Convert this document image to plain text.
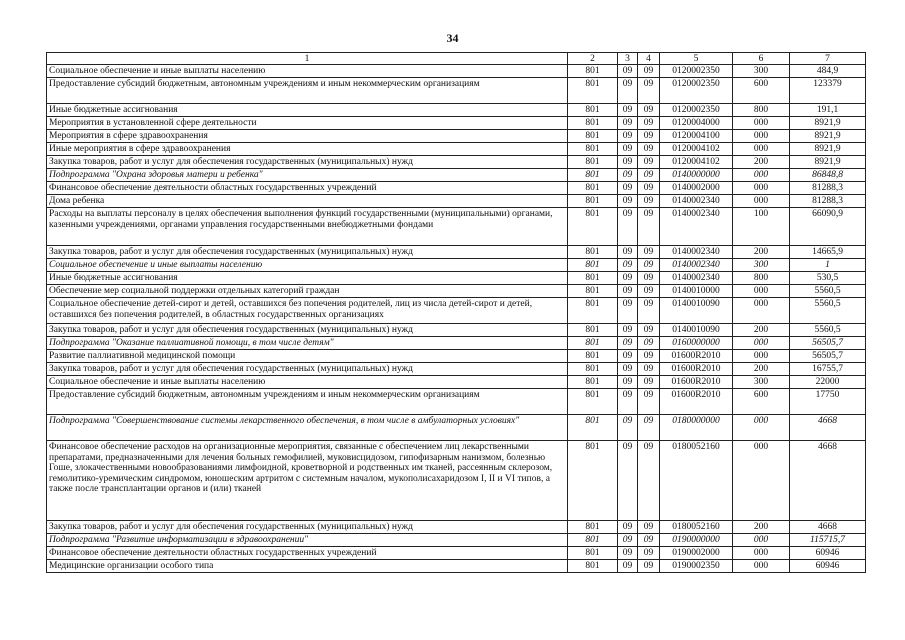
34
1	2	3	4	5	6	7
Социальное обеспечение и иные выплаты населению	801	09	09	0120002350	300	484,9
Предоставление субсидий бюджетным, автономным учреждениям и иным некоммерческим организациям	801	09	09	0120002350	600	123379
Иные бюджетные ассигнования	801	09	09	0120002350	800	191,1
Мероприятия в установленной сфере деятельности	801	09	09	0120004000	000	8921,9
Мероприятия в сфере здравоохранения	801	09	09	0120004100	000	8921,9
Иные мероприятия в сфере здравоохранения	801	09	09	0120004102	000	8921,9
Закупка товаров, работ и услуг для обеспечения государственных (муниципальных) нужд	801	09	09	0120004102	200	8921,9
Подпрограмма "Охрана здоровья матери и ребенка"	801	09	09	0140000000	000	86848,8
Финансовое обеспечение деятельности областных государственных учреждений	801	09	09	0140002000	000	81288,3
Дома ребенка	801	09	09	0140002340	000	81288,3
Расходы на выплаты персоналу в целях обеспечения выполнения функций государственными (муниципальными) органами, казенными учреждениями, органами управления государственными внебюджетными фондами	801	09	09	0140002340	100	66090,9
Закупка товаров, работ и услуг для обеспечения государственных (муниципальных) нужд	801	09	09	0140002340	200	14665,9
Социальное обеспечение и иные выплаты населению	801	09	09	0140002340	300	1
Иные бюджетные ассигнования	801	09	09	0140002340	800	530,5
Обеспечение мер социальной поддержки отдельных категорий граждан	801	09	09	0140010000	000	5560,5
Социальное обеспечение детей-сирот и детей, оставшихся без попечения родителей, лиц из числа детей-сирот и детей, оставшихся без попечения родителей, в областных государственных организациях	801	09	09	0140010090	000	5560,5
Закупка товаров, работ и услуг для обеспечения государственных (муниципальных) нужд	801	09	09	0140010090	200	5560,5
Подпрограмма "Оказание паллиативной помощи, в том числе детям"	801	09	09	0160000000	000	56505,7
Развитие паллиативной медицинской помощи	801	09	09	01600R2010	000	56505,7
Закупка товаров, работ и услуг для обеспечения государственных (муниципальных) нужд	801	09	09	01600R2010	200	16755,7
Социальное обеспечение и иные выплаты населению	801	09	09	01600R2010	300	22000
Предоставление субсидий бюджетным, автономным учреждениям и иным некоммерческим организациям	801	09	09	01600R2010	600	17750
Подпрограмма "Совершенствование системы лекарственного обеспечения, в том числе в амбулаторных условиях"	801	09	09	0180000000	000	4668
Финансовое обеспечение расходов на организационные мероприятия, связанные с обеспечением лиц лекарственными препаратами, предназначенными для лечения больных гемофилией, муковисцидозом, гипофизарным нанизмом, болезнью Гоше, злокачественными новообразованиями лимфоидной, кроветворной и родственных им тканей, рассеянным склерозом, гемолитико-уремическим синдромом, юношеским артритом с системным началом, мукополисахаридозом I, II и VI типов, а также после трансплантации органов и (или) тканей	801	09	09	0180052160	000	4668
Закупка товаров, работ и услуг для обеспечения государственных (муниципальных) нужд	801	09	09	0180052160	200	4668
Подпрограмма "Развитие информатизации в здравоохранении"	801	09	09	0190000000	000	115715,7
Финансовое обеспечение деятельности областных государственных учреждений	801	09	09	0190002000	000	60946
Медицинские организации особого типа	801	09	09	0190002350	000	60946
